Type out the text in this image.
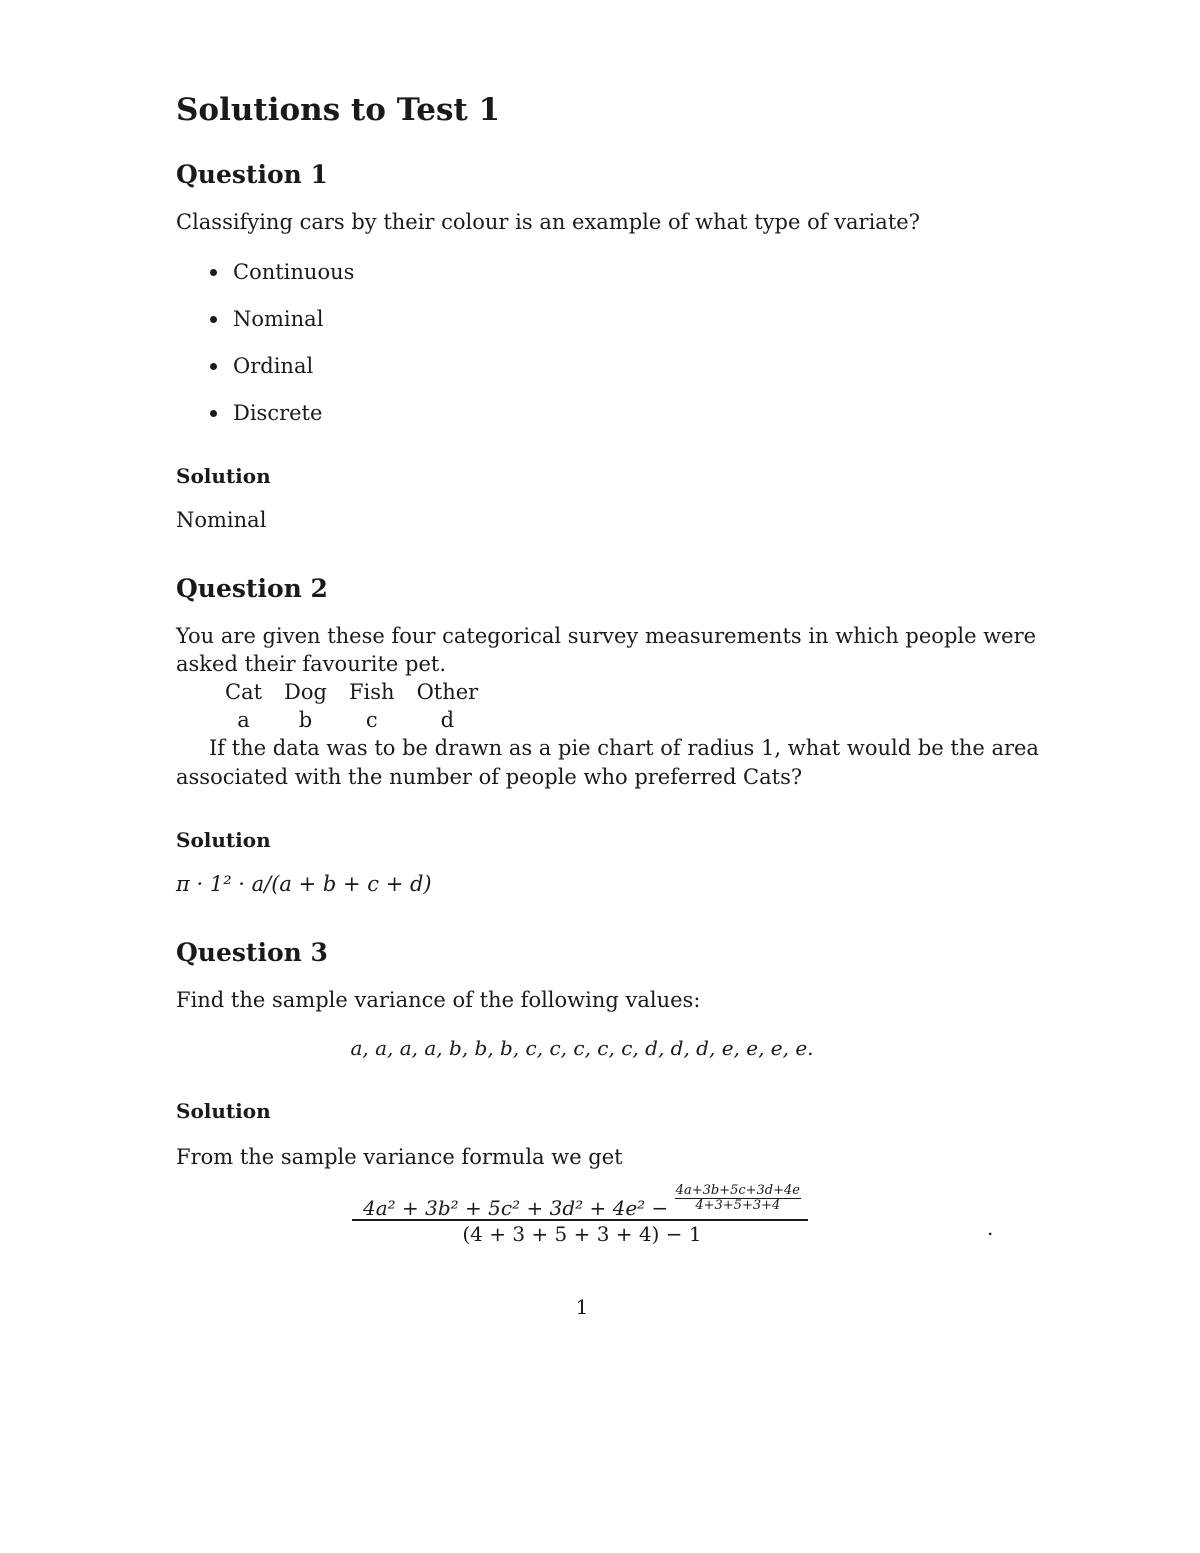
Solutions to Test 1
Question 1

Classifying cars by their colour is an example of what type of variate?

Continuous
Nominal
Ordinal
Discrete
Solution

Nominal

Question 2

You are given these four categorical survey measurements in which people were

asked their favourite pet.

Cat	Dog	Fish	Other
a	b	c	d

If the data was to be drawn as a pie chart of radius 1, what would be the area

associated with the number of people who preferred Cats?

Solution

π · 1² · a/(a + b + c + d)

Question 3

Find the sample variance of the following values:

a, a, a, a, b, b, b, c, c, c, c, c, d, d, d, e, e, e, e.
Solution

From the sample variance formula we get

$4a^2 + 3b^2 + 5c^2 + 3d^2 + 4e^2 - \frac{4a+3b+5c+3d+4e}{4+3+5+3+4}$
(4 + 3 + 5 + 3 + 4) − 1	.
1
